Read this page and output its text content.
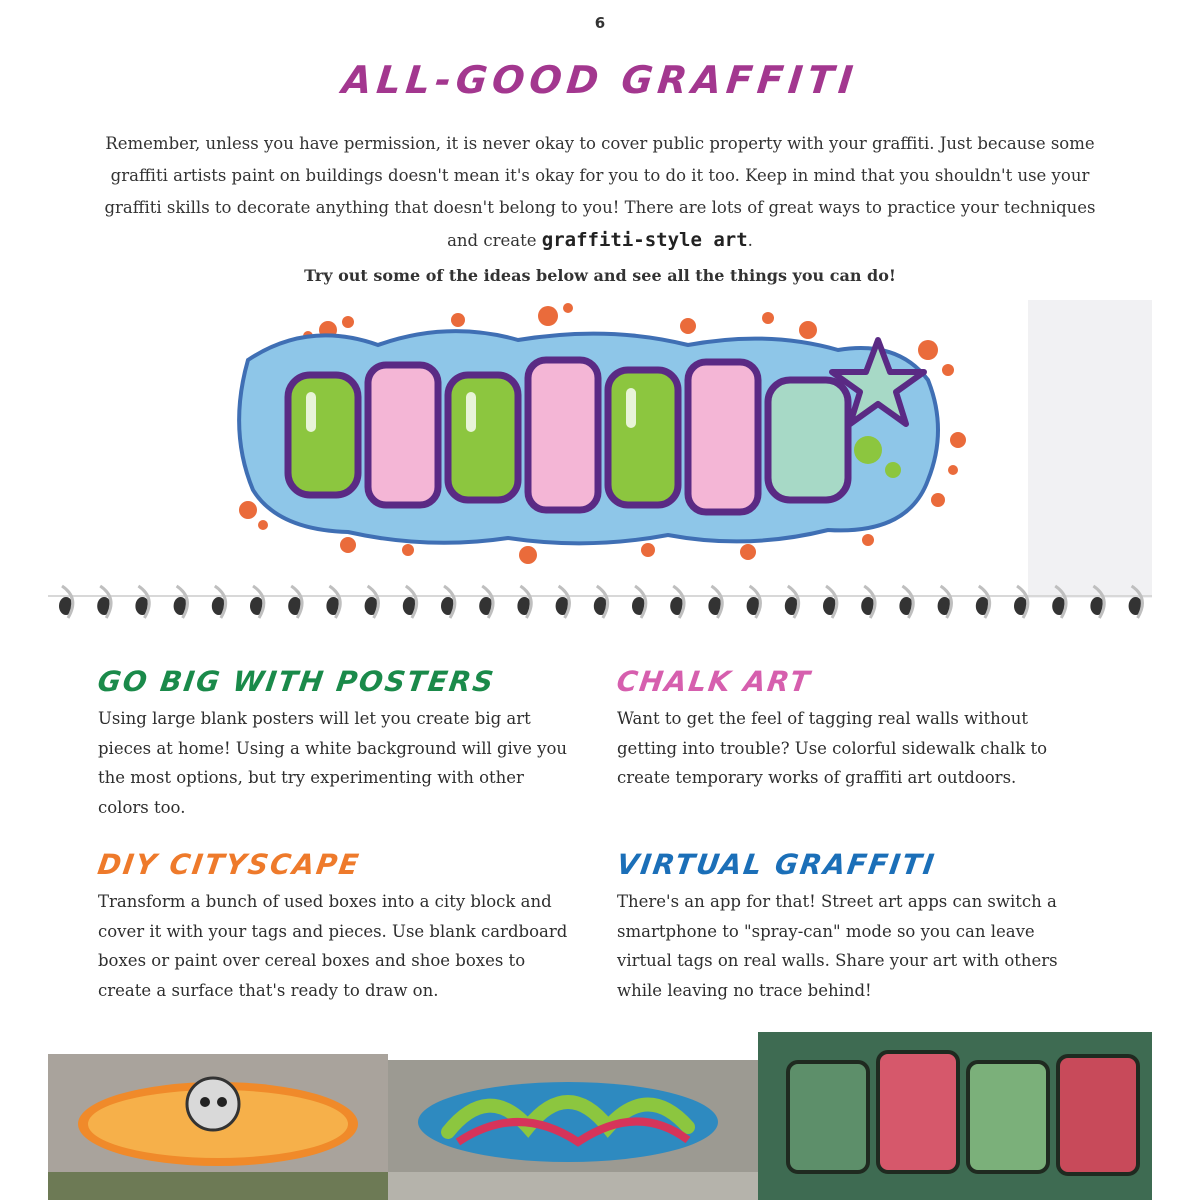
6
ALL-GOOD GRAFFITI
Remember, unless you have permission, it is never okay to cover public property with your graffiti. Just because some graffiti artists paint on buildings doesn't mean it's okay for you to do it too. Keep in mind that you shouldn't use your graffiti skills to decorate anything that doesn't belong to you! There are lots of great ways to practice your techniques and create graffiti-style art.
Try out some of the ideas below and see all the things you can do!
GO BIG WITH POSTERS

Using large blank posters will let you create big art pieces at home! Using a white background will give you the most options, but try experimenting with other colors too.

CHALK ART

Want to get the feel of tagging real walls without getting into trouble? Use colorful sidewalk chalk to create temporary works of graffiti art outdoors.

DIY CITYSCAPE

Transform a bunch of used boxes into a city block and cover it with your tags and pieces. Use blank cardboard boxes or paint over cereal boxes and shoe boxes to create a surface that's ready to draw on.

VIRTUAL GRAFFITI

There's an app for that! Street art apps can switch a smartphone to "spray-can" mode so you can leave virtual tags on real walls. Share your art with others while leaving no trace behind!
